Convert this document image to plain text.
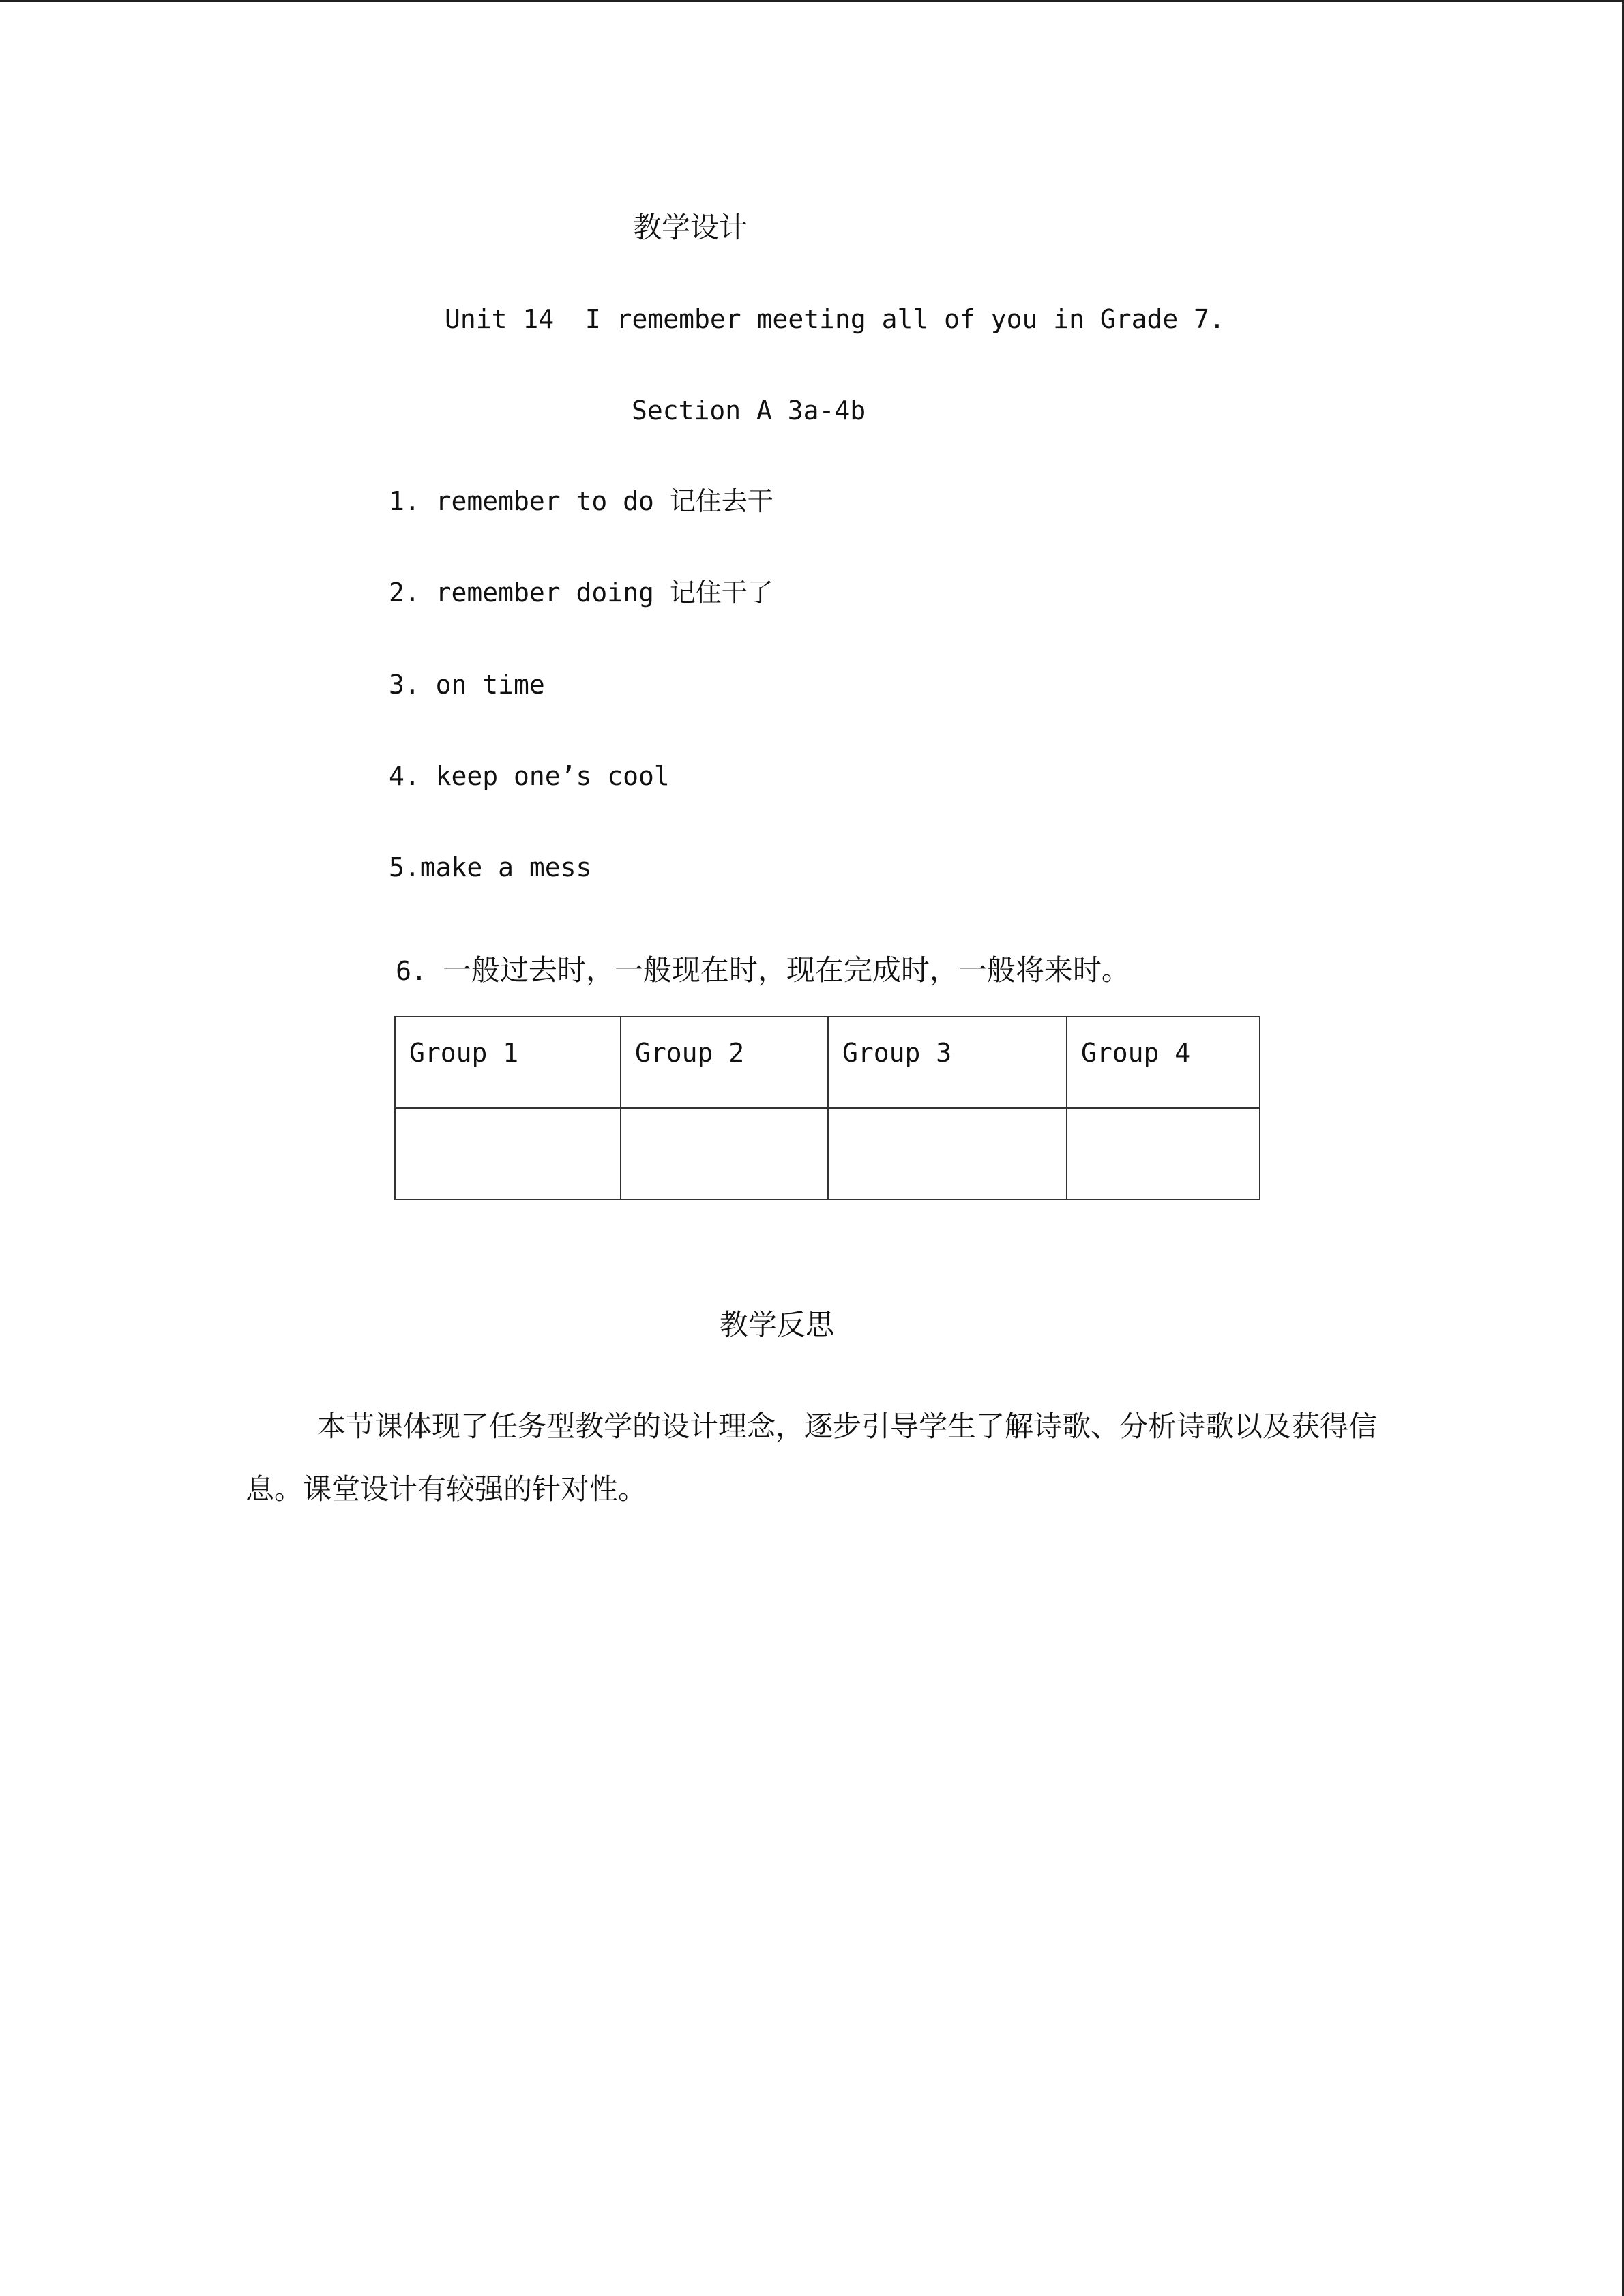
教学设计
Unit 14  I remember meeting all of you in Grade 7.
Section A 3a-4b
1. remember to do 记住去干
2. remember doing 记住干了
3. on time
4. keep one’s cool
5.make a mess

6. 一般过去时，一般现在时，现在完成时，一般将来时。

Group 1	Group 2	Group 3	Group 4

教学反思
本节课体现了任务型教学的设计理念，逐步引导学生了解诗歌、分析诗歌以及获得信息。课堂设计有较强的针对性。
